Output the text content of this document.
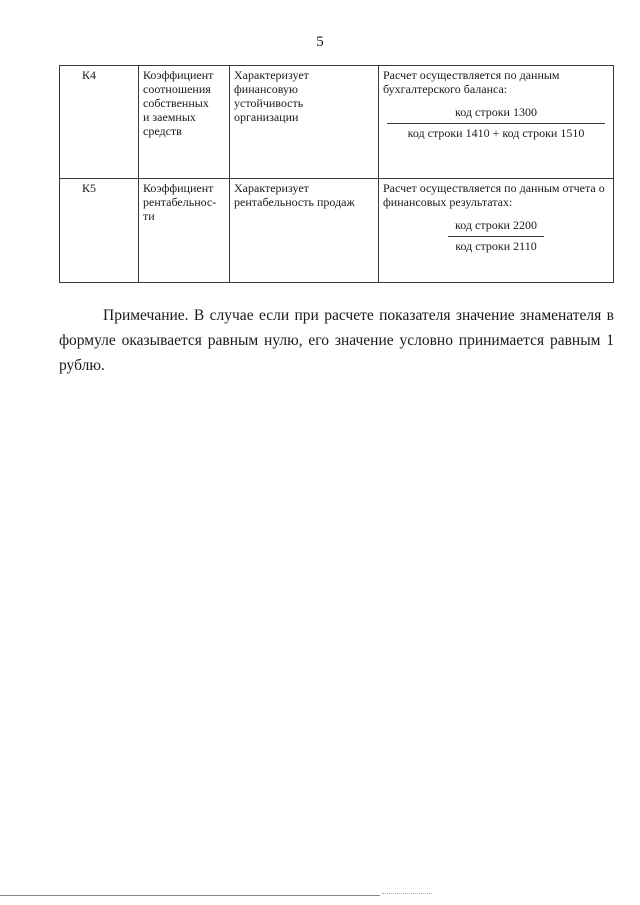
5
К4	Коэффициент
соотношения
собственных
и заемных
средств	Характеризует
финансовую
устойчивость
организации	Расчет осуществляется по данным
бухгалтерского баланса:
код строки 1300
код строки 1410 + код строки 1510

К5	Коэффициент
рентабельнос-
ти	Характеризует
рентабельность продаж	Расчет осуществляется по данным отчета о
финансовых результатах:
код строки 2200
код строки 2110

Примечание. В случае если при расчете показателя значение знаменателя в формуле оказывается равным нулю, его значение условно принимается равным 1 рублю.
